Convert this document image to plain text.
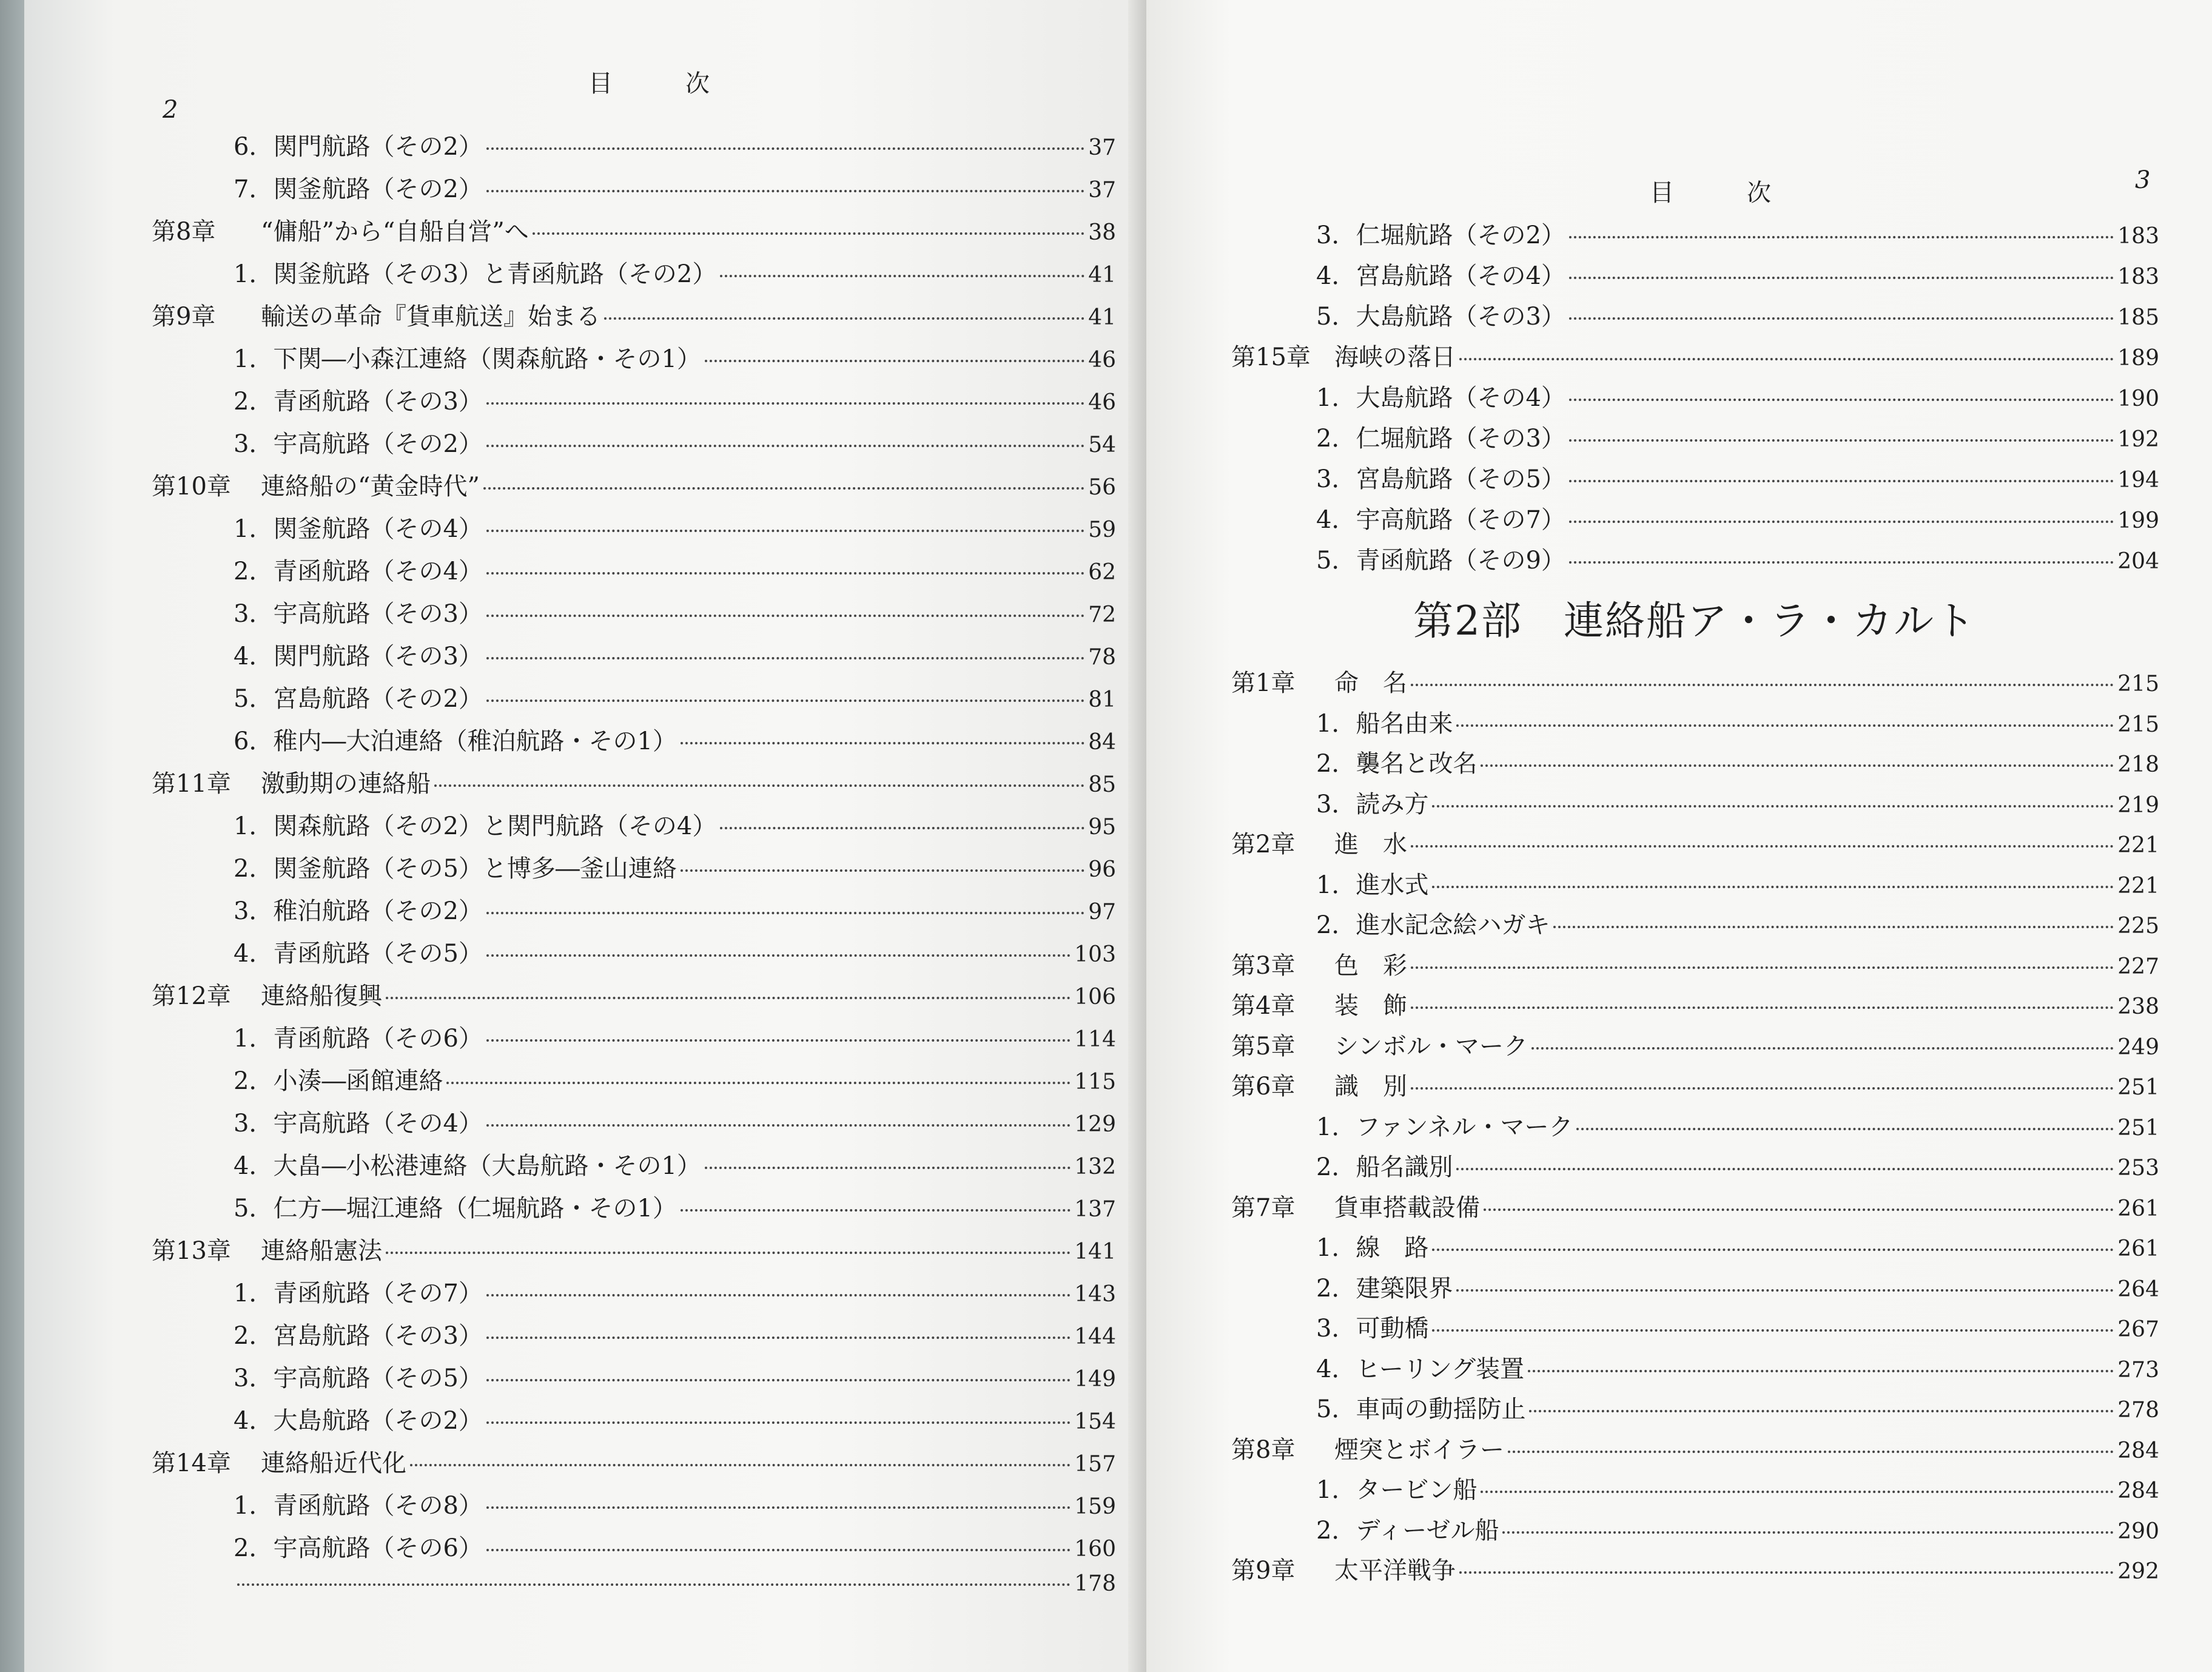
目　次
2
6．関門航路（その2）	37
7．関釜航路（その2）	37
第8章	“傭船”から“自船自営”へ	38
1．関釜航路（その3）と青函航路（その2）	41
第9章	輸送の革命『貨車航送』始まる	41
1．下関―小森江連絡（関森航路・その1）	46
2．青函航路（その3）	46
3．宇高航路（その2）	54
第10章	連絡船の“黄金時代”	56
1．関釜航路（その4）	59
2．青函航路（その4）	62
3．宇高航路（その3）	72
4．関門航路（その3）	78
5．宮島航路（その2）	81
6．稚内―大泊連絡（稚泊航路・その1）	84
第11章	激動期の連絡船	85
1．関森航路（その2）と関門航路（その4）	95
2．関釜航路（その5）と博多―釜山連絡	96
3．稚泊航路（その2）	97
4．青函航路（その5）	103
第12章	連絡船復興	106
1．青函航路（その6）	114
2．小湊―函館連絡	115
3．宇高航路（その4）	129
4．大畠―小松港連絡（大島航路・その1）	132
5．仁方―堀江連絡（仁堀航路・その1）	137
第13章	連絡船憲法	141
1．青函航路（その7）	143
2．宮島航路（その3）	144
3．宇高航路（その5）	149
4．大島航路（その2）	154
第14章	連絡船近代化	157
1．青函航路（その8）	159
2．宇高航路（その6）	160
178
目　次	3
3．仁堀航路（その2）	183
4．宮島航路（その4）	183
5．大島航路（その3）	185
第15章 海峡の落日	189
1．大島航路（その4）	190
2．仁堀航路（その3）	192
3．宮島航路（その5）	194
4．宇高航路（その7）	199
5．青函航路（その9）	204
第2部　連絡船ア・ラ・カルト
第1章	命　名	215
1．船名由来	215
2．襲名と改名	218
3．読み方	219
第2章	進　水	221
1．進水式	221
2．進水記念絵ハガキ	225
第3章	色　彩	227
第4章	装　飾	238
第5章	シンボル・マーク	249
第6章	識　別	251
1．ファンネル・マーク	251
2．船名識別	253
第7章	貨車搭載設備	261
1．線　路	261
2．建築限界	264
3．可動橋	267
4．ヒーリング装置	273
5．車両の動揺防止	278
第8章	煙突とボイラー	284
1．タービン船	284
2．ディーゼル船	290
第9章	太平洋戦争	292
